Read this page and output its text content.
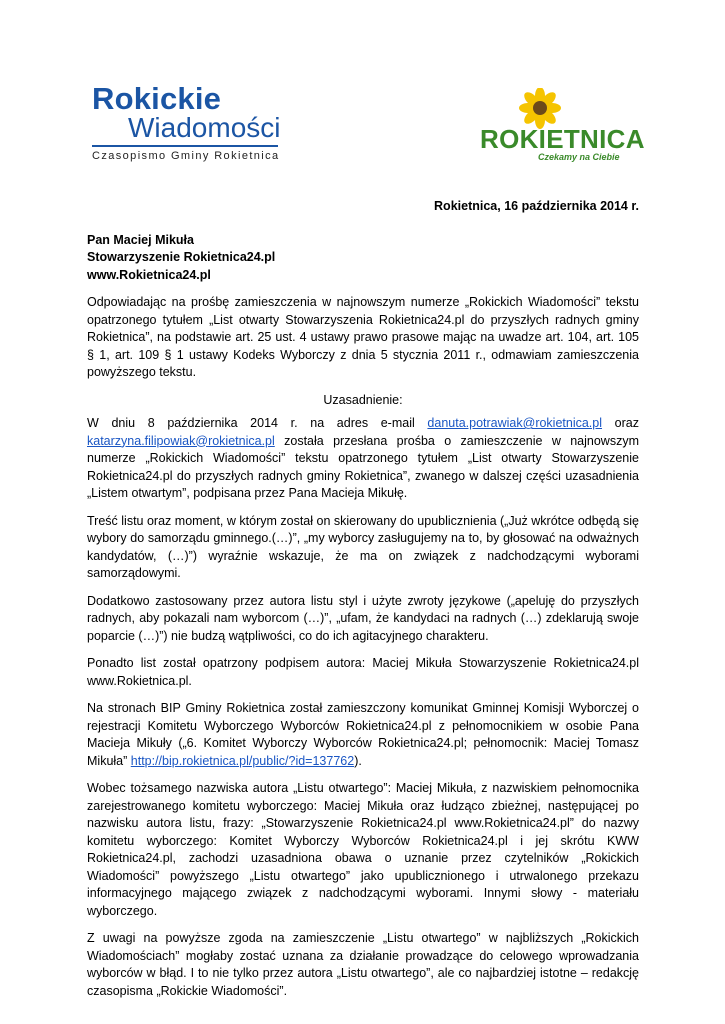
Rokickie
Wiadomości
Czasopismo Gminy Rokietnica
ROKIETNICA
Czekamy na Ciebie
Rokietnica, 16 października 2014 r.
Pan Maciej Mikuła
Stowarzyszenie Rokietnica24.pl
www.Rokietnica24.pl

Odpowiadając na prośbę zamieszczenia w najnowszym numerze „Rokickich Wiadomości” tekstu opatrzonego tytułem „List otwarty Stowarzyszenia Rokietnica24.pl do przyszłych radnych gminy Rokietnica”, na podstawie art. 25 ust. 4 ustawy prawo prasowe mając na uwadze art. 104, art. 105 § 1, art. 109 § 1 ustawy Kodeks Wyborczy z dnia 5 stycznia 2011 r., odmawiam zamieszczenia powyższego tekstu.

Uzasadnienie:

W dniu 8 października 2014 r. na adres e-mail danuta.potrawiak@rokietnica.pl oraz katarzyna.filipowiak@rokietnica.pl została przesłana prośba o zamieszczenie w najnowszym numerze „Rokickich Wiadomości” tekstu opatrzonego tytułem „List otwarty Stowarzyszenie Rokietnica24.pl do przyszłych radnych gminy Rokietnica”, zwanego w dalszej części uzasadnienia „Listem otwartym”, podpisana przez Pana Macieja Mikułę.

Treść listu oraz moment, w którym został on skierowany do upublicznienia („Już wkrótce odbędą się wybory do samorządu gminnego.(…)”, „my wyborcy zasługujemy na to, by głosować na odważnych kandydatów, (…)”) wyraźnie wskazuje, że ma on związek z nadchodzącymi wyborami samorządowymi.

Dodatkowo zastosowany przez autora listu styl i użyte zwroty językowe („apeluję do przyszłych radnych, aby pokazali nam wyborcom (…)”, „ufam, że kandydaci na radnych (…) zdeklarują swoje poparcie (…)”) nie budzą wątpliwości, co do ich agitacyjnego charakteru.

Ponadto list został opatrzony podpisem autora: Maciej Mikuła Stowarzyszenie Rokietnica24.pl www.Rokietnica.pl.

Na stronach BIP Gminy Rokietnica został zamieszczony komunikat Gminnej Komisji Wyborczej o rejestracji Komitetu Wyborczego Wyborców Rokietnica24.pl z pełnomocnikiem w osobie Pana Macieja Mikuły („6. Komitet Wyborczy Wyborców Rokietnica24.pl; pełnomocnik: Maciej Tomasz Mikuła” http://bip.rokietnica.pl/public/?id=137762).

Wobec tożsamego nazwiska autora „Listu otwartego”: Maciej Mikuła, z nazwiskiem pełnomocnika zarejestrowanego komitetu wyborczego: Maciej Mikuła oraz łudząco zbieżnej, następującej po nazwisku autora listu, frazy: „Stowarzyszenie Rokietnica24.pl www.Rokietnica24.pl” do nazwy komitetu wyborczego: Komitet Wyborczy Wyborców Rokietnica24.pl i jej skrótu KWW Rokietnica24.pl, zachodzi uzasadniona obawa o uznanie przez czytelników „Rokickich Wiadomości” powyższego „Listu otwartego” jako upublicznionego i utrwalonego przekazu informacyjnego mającego związek z nadchodzącymi wyborami. Innymi słowy - materiału wyborczego.

Z uwagi na powyższe zgoda na zamieszczenie „Listu otwartego” w najbliższych „Rokickich Wiadomościach” mogłaby zostać uznana za działanie prowadzące do celowego wprowadzania wyborców w błąd. I to nie tylko przez autora „Listu otwartego”, ale co najbardziej istotne – redakcję czasopisma „Rokickie Wiadomości”.
